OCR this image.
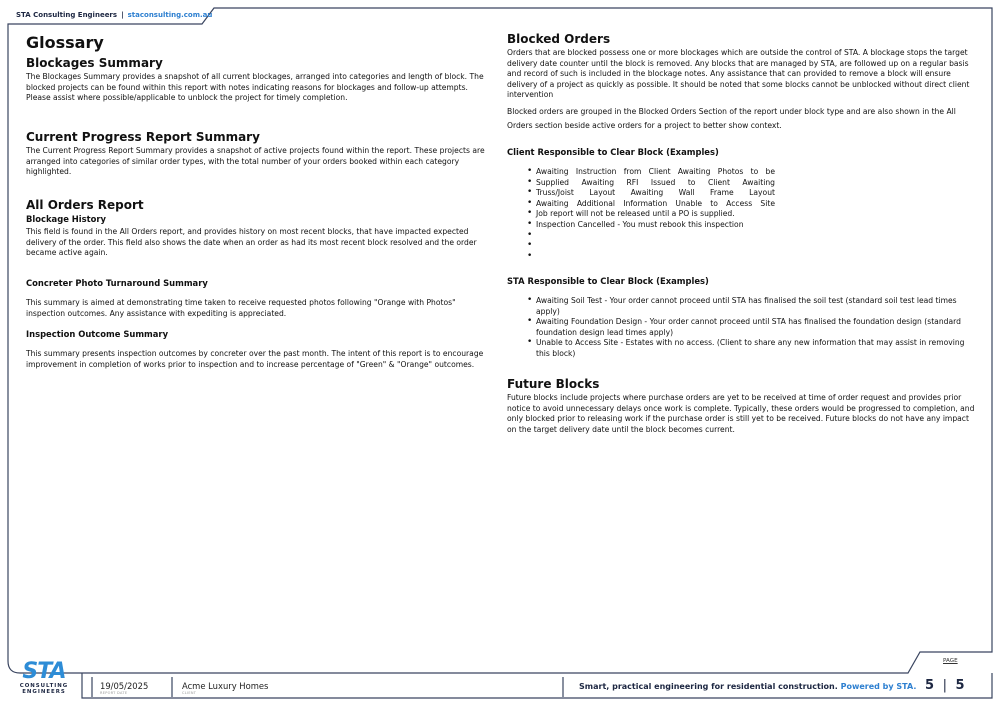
STA Consulting Engineers | staconsulting.com.au
Glossary
Blockages Summary

The Blockages Summary provides a snapshot of all current blockages, arranged into categories and length of block. The blocked projects can be found within this report with notes indicating reasons for blockages and follow-up attempts. Please assist where possible/applicable to unblock the project for timely completion.

Current Progress Report Summary

The Current Progress Report Summary provides a snapshot of active projects found within the report. These projects are arranged into categories of similar order types, with the total number of your orders booked within each category highlighted.

All Orders Report
Blockage History

This field is found in the All Orders report, and provides history on most recent blocks, that have impacted expected delivery of the order. This field also shows the date when an order as had its most recent block resolved and the order became active again.

Concreter Photo Turnaround Summary

This summary is aimed at demonstrating time taken to receive requested photos following "Orange with Photos" inspection outcomes. Any assistance with expediting is appreciated.

Inspection Outcome Summary

This summary presents inspection outcomes by concreter over the past month. The intent of this report is to encourage improvement in completion of works prior to inspection and to increase percentage of "Green" & "Orange" outcomes.

Blocked Orders

Orders that are blocked possess one or more blockages which are outside the control of STA. A blockage stops the target delivery date counter until the block is removed. Any blocks that are managed by STA, are followed up on a regular basis and record of such is included in the blockage notes. Any assistance that can provided to remove a block will ensure delivery of a project as quickly as possible. It should be noted that some blocks cannot be unblocked without direct client intervention

Blocked orders are grouped in the Blocked Orders Section of the report under block type and are also shown in the All Orders section beside active orders for a project to better show context.

Client Responsible to Clear Block (Examples)
• Awaiting Instruction from Client Awaiting Photos to be
• Supplied Awaiting RFI Issued to Client Awaiting
• Truss/Joist Layout Awaiting Wall Frame Layout
• Awaiting Additional Information Unable to Access Site
• Job report will not be released until a PO is supplied.
• Inspection Cancelled - You must rebook this inspection
•
•
•
STA Responsible to Clear Block (Examples)
• Awaiting Soil Test - Your order cannot proceed until STA has finalised the soil test (standard soil test lead times apply)
• Awaiting Foundation Design - Your order cannot proceed until STA has finalised the foundation design (standard foundation design lead times apply)
• Unable to Access Site - Estates with no access. (Client to share any new information that may assist in removing this block)
Future Blocks

Future blocks include projects where purchase orders are yet to be received at time of order request and provides prior notice to avoid unnecessary delays once work is complete. Typically, these orders would be progressed to completion, and only blocked prior to releasing work if the purchase order is still yet to be received. Future blocks do not have any impact on the target delivery date until the block becomes current.

STA
CONSULTING
ENGINEERS
19/05/2025
REPORT DATE
Acme Luxury Homes
CLIENT
Smart, practical engineering for residential construction. Powered by STA.
PAGE
5 | 5
